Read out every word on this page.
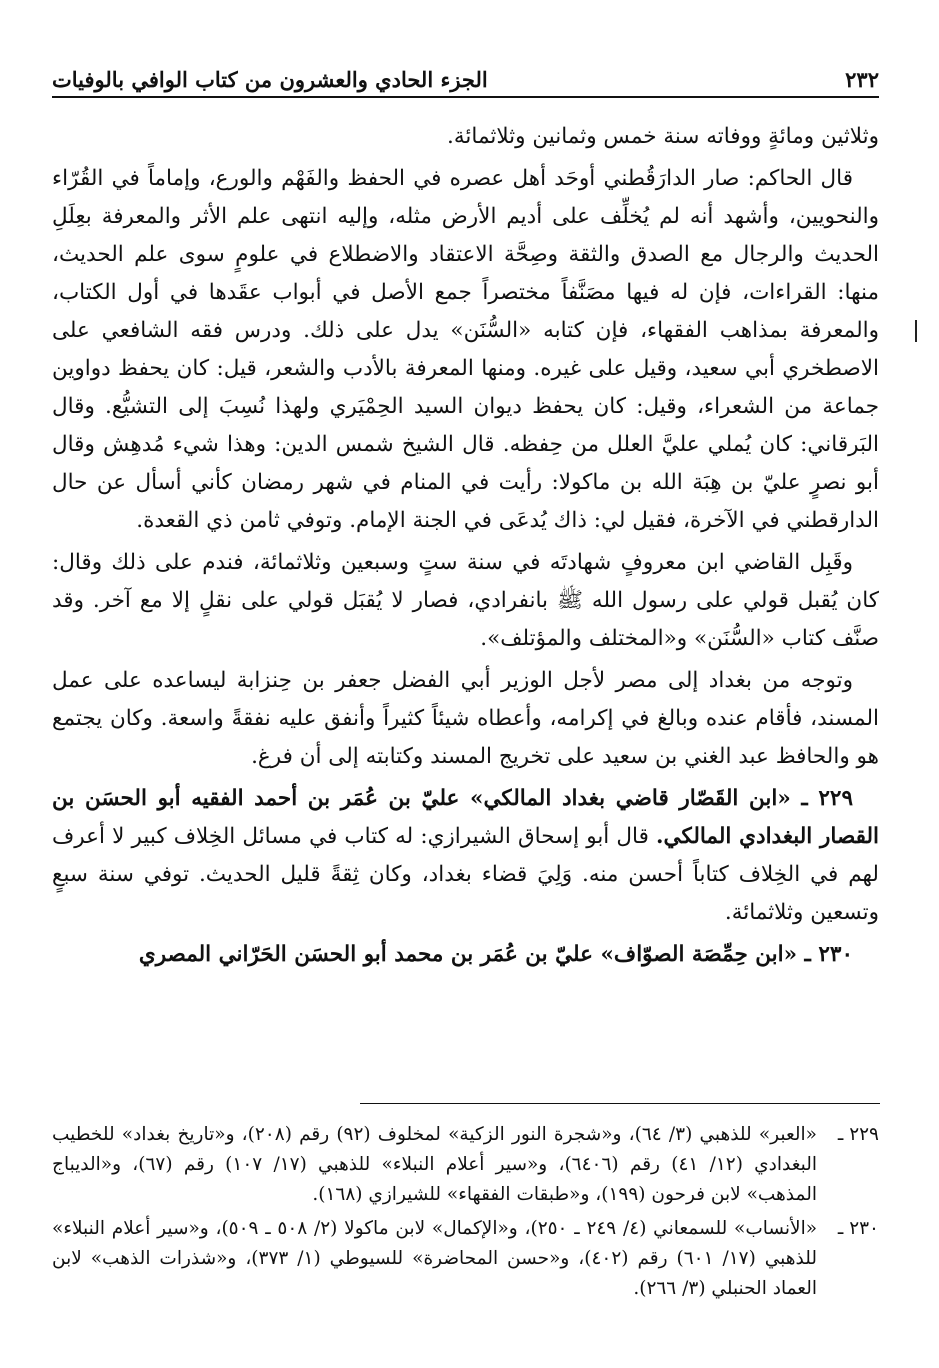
٢٣٢
الجزء الحادي والعشرون من كتاب الوافي بالوفيات

وثلاثين ومائةٍ ووفاته سنة خمس وثمانين وثلاثمائة.

قال الحاكم: صار الدارَقُطني أوحَد أهل عصره في الحفظ والفَهْم والورع، وإماماً في القُرّاء والنحويين، وأشهد أنه لم يُخلِّف على أديم الأرض مثله، وإليه انتهى علم الأثر والمعرفة بعِلَلِ الحديث والرجال مع الصدق والثقة وصِحَّة الاعتقاد والاضطلاع في علومٍ سوى علم الحديث، منها: القراءات، فإن له فيها مصَنَّفاً مختصراً جمع الأصل في أبواب عقَدها في أول الكتاب، والمعرفة بمذاهب الفقهاء، فإن كتابه «السُّنَن» يدل على ذلك. ودرس فقه الشافعي على الاصطخري أبي سعيد، وقيل على غيره. ومنها المعرفة بالأدب والشعر، قيل: كان يحفظ دواوين جماعة من الشعراء، وقيل: كان يحفظ ديوان السيد الحِمْيَري ولهذا نُسِبَ إلى التشيُّع. وقال البَرقاني: كان يُملي عليَّ العلل من حِفظه. قال الشيخ شمس الدين: وهذا شيء مُدهِش وقال أبو نصرٍ عليّ بن هِبَة الله بن ماكولا: رأيت في المنام في شهر رمضان كأني أسأل عن حال الدارقطني في الآخرة، فقيل لي: ذاك يُدعَى في الجنة الإمام. وتوفي ثامن ذي القعدة.

وقَبِل القاضي ابن معروفٍ شهادتَه في سنة ستٍ وسبعين وثلاثمائة، فندم على ذلك وقال: كان يُقبل قولي على رسول الله ﷺ بانفرادي، فصار لا يُقبَل قولي على نقلٍ إلا مع آخر. وقد صنَّف كتاب «السُّنَن» و«المختلف والمؤتلف».

وتوجه من بغداد إلى مصر لأجل الوزير أبي الفضل جعفر بن حِنزابة ليساعده على عمل المسند، فأقام عنده وبالغ في إكرامه، وأعطاه شيئاً كثيراً وأنفق عليه نفقةً واسعة. وكان يجتمع هو والحافظ عبد الغني بن سعيد على تخريج المسند وكتابته إلى أن فرغ.

٢٢٩ ـ «ابن القَصّار قاضي بغداد المالكي» عليّ بن عُمَر بن أحمد الفقيه أبو الحسَن بن القصار البغدادي المالكي. قال أبو إسحاق الشيرازي: له كتاب في مسائل الخِلاف كبير لا أعرف لهم في الخِلاف كتاباً أحسن منه. وَلِيَ قضاء بغداد، وكان ثِقةً قليل الحديث. توفي سنة سبعٍ وتسعين وثلاثمائة.

٢٣٠ ـ «ابن حِمِّصَة الصوّاف» عليّ بن عُمَر بن محمد أبو الحسَن الحَرّاني المصري

٢٢٩ ـ
«العبر» للذهبي (٣/ ٦٤)، و«شجرة النور الزكية» لمخلوف (٩٢) رقم (٢٠٨)، و«تاريخ بغداد» للخطيب البغدادي (١٢/ ٤١) رقم (٦٤٠٦)، و«سير أعلام النبلاء» للذهبي (١٧/ ١٠٧) رقم (٦٧)، و«الديباج المذهب» لابن فرحون (١٩٩)، و«طبقات الفقهاء» للشيرازي (١٦٨).
٢٣٠ ـ
«الأنساب» للسمعاني (٤/ ٢٤٩ ـ ٢٥٠)، و«الإكمال» لابن ماكولا (٢/ ٥٠٨ ـ ٥٠٩)، و«سير أعلام النبلاء» للذهبي (١٧/ ٦٠١) رقم (٤٠٢)، و«حسن المحاضرة» للسيوطي (١/ ٣٧٣)، و«شذرات الذهب» لابن العماد الحنبلي (٣/ ٢٦٦).
